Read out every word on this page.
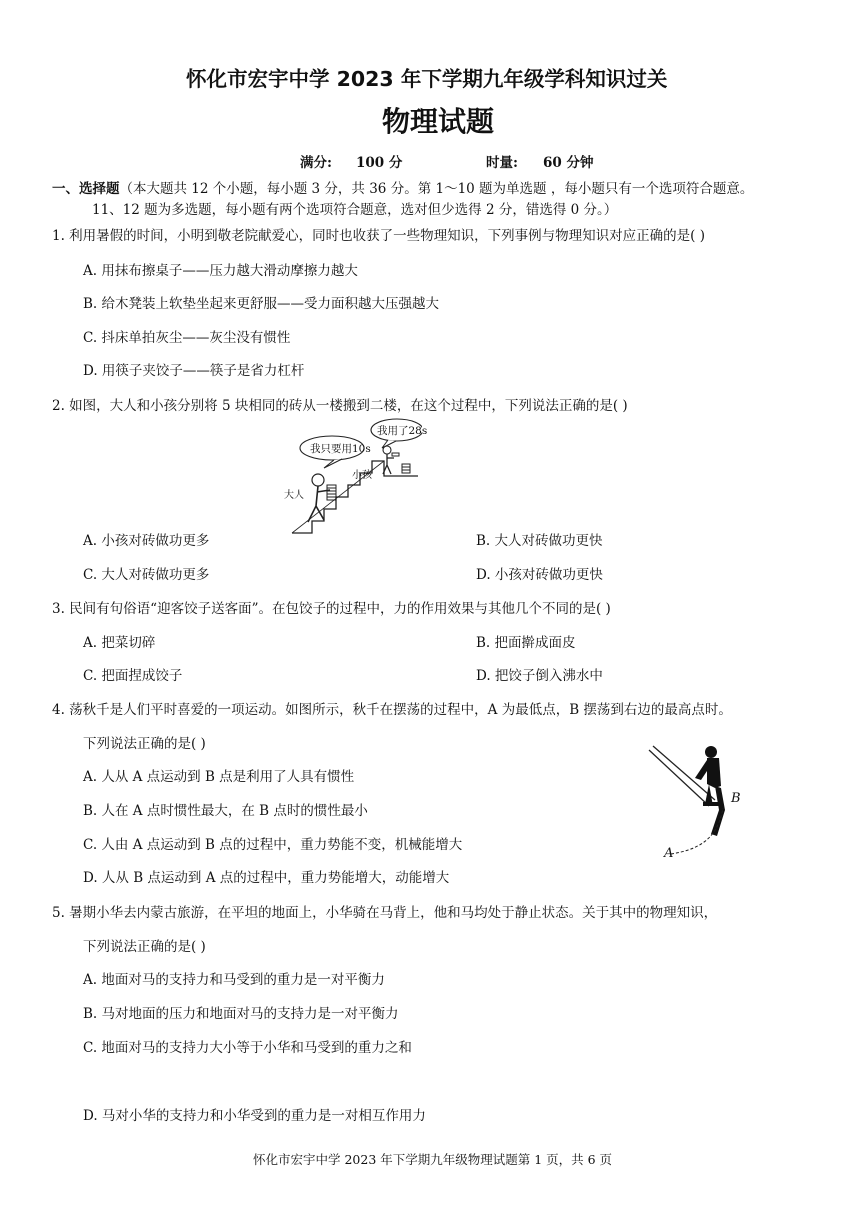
怀化市宏宇中学 2023 年下学期九年级学科知识过关
物理试题
满分: 100 分	时量: 60 分钟
一、选择题（本大题共 12 个小题，每小题 3 分，共 36 分。第 1～10 题为单选题 ，每小题只有一个选项符合题意。
11、12 题为多选题，每小题有两个选项符合题意，选对但少选得 2 分，错选得 0 分。）
1. 利用暑假的时间，小明到敬老院献爱心，同时也收获了一些物理知识，下列事例与物理知识对应正确的是( )
A. 用抹布擦桌子——压力越大滑动摩擦力越大
B. 给木凳装上软垫坐起来更舒服——受力面积越大压强越大
C. 抖床单拍灰尘——灰尘没有惯性
D. 用筷子夹饺子——筷子是省力杠杆
2. 如图，大人和小孩分别将 5 块相同的砖从一楼搬到二楼，在这个过程中，下列说法正确的是( )
我只要用10s
我用了28s
小孩
大人
A. 小孩对砖做功更多	B. 大人对砖做功更快
C. 大人对砖做功更多	D. 小孩对砖做功更快
3. 民间有句俗语“迎客饺子送客面”。在包饺子的过程中，力的作用效果与其他几个不同的是( )
A. 把菜切碎	B. 把面擀成面皮
C. 把面捏成饺子	D. 把饺子倒入沸水中
4. 荡秋千是人们平时喜爱的一项运动。如图所示，秋千在摆荡的过程中，A 为最低点，B 摆荡到右边的最高点时。
下列说法正确的是( )
A. 人从 A 点运动到 B 点是利用了人具有惯性
B. 人在 A 点时惯性最大，在 B 点时的惯性最小
C. 人由 A 点运动到 B 点的过程中，重力势能不变，机械能增大
D. 人从 B 点运动到 A 点的过程中，重力势能增大，动能增大
A
B
5. 暑期小华去内蒙古旅游，在平坦的地面上，小华骑在马背上，他和马均处于静止状态。关于其中的物理知识，
下列说法正确的是( )
A. 地面对马的支持力和马受到的重力是一对平衡力
B. 马对地面的压力和地面对马的支持力是一对平衡力
C. 地面对马的支持力大小等于小华和马受到的重力之和
D. 马对小华的支持力和小华受到的重力是一对相互作用力
怀化市宏宇中学 2023 年下学期九年级物理试题第 1 页，共 6 页
